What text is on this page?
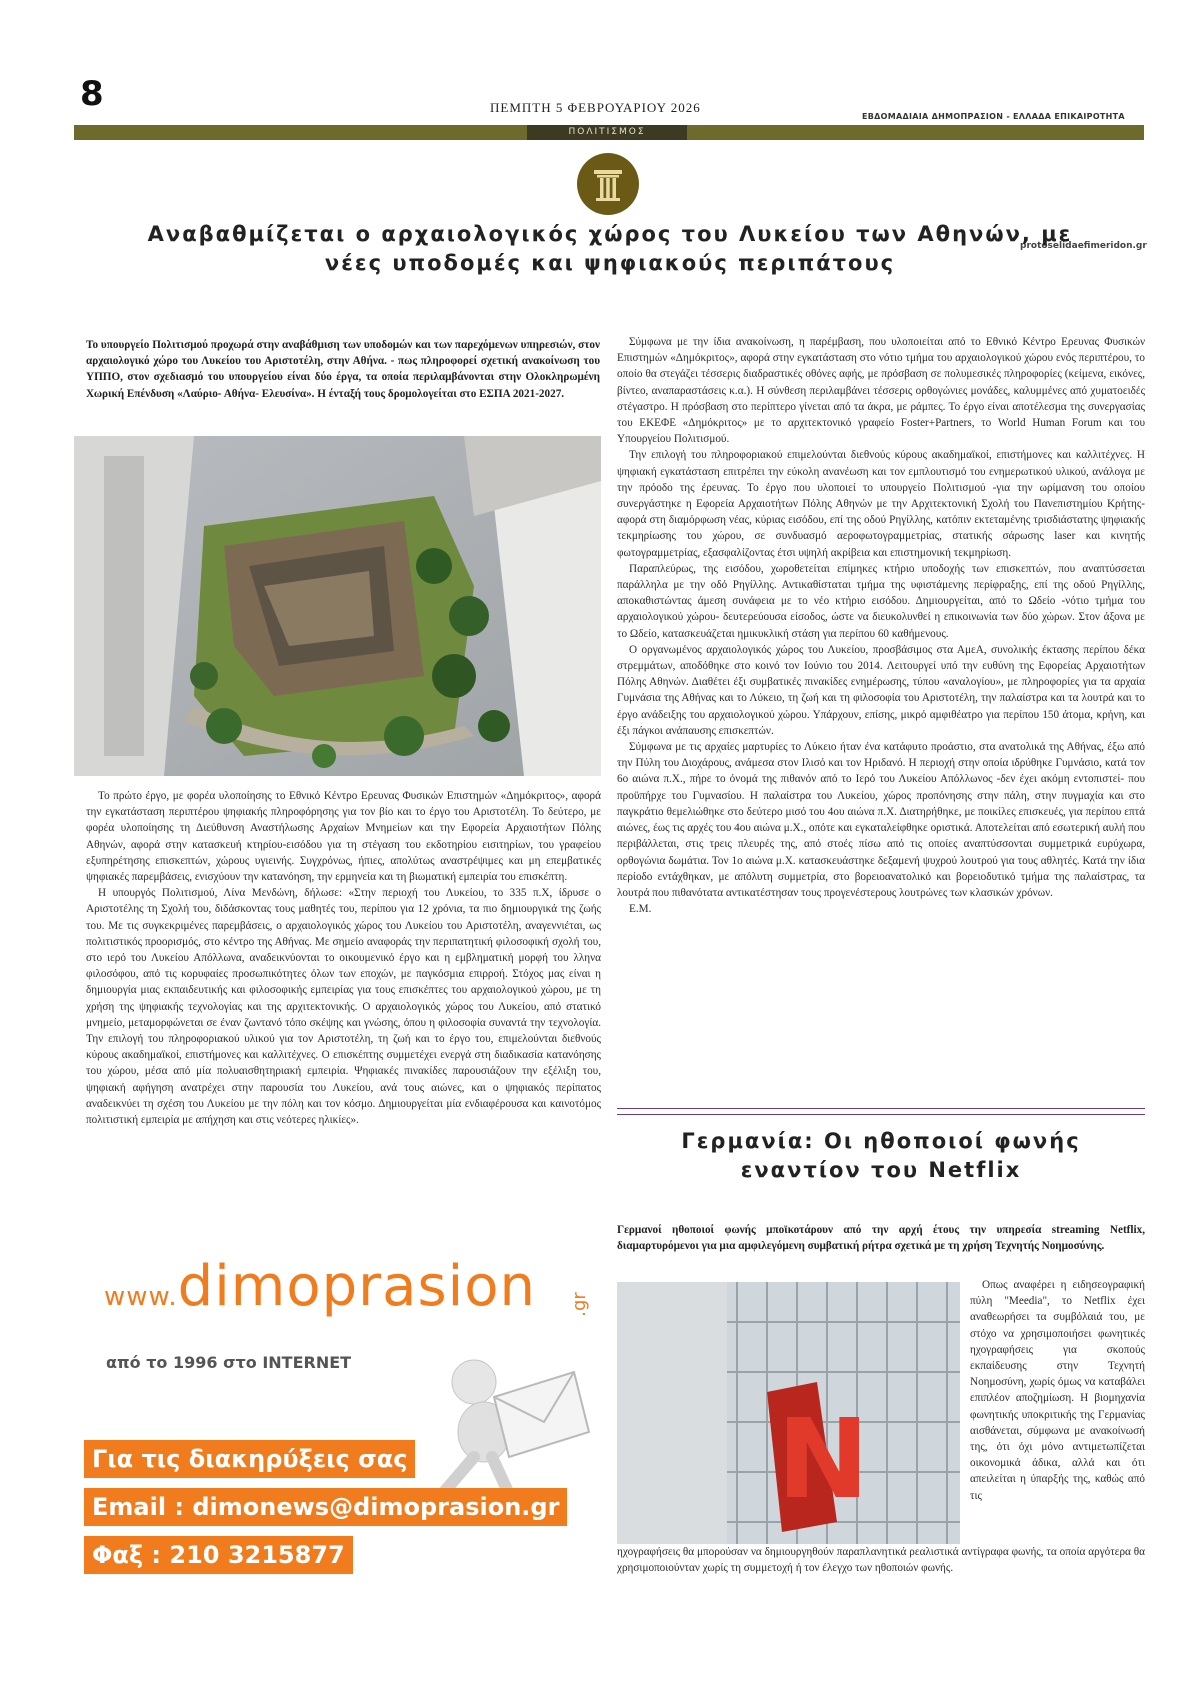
8	ΠΕΜΠΤΗ 5 ΦΕΒΡΟΥΑΡΙΟΥ 2026
ΕΒΔΟΜΑΔΙΑΙΑ ΔΗΜΟΠΡΑΣΙΟΝ - ΕΛΛΑΔΑ ΕΠΙΚΑΙΡΟΤΗΤΑ
ΠΟΛΙΤΙΣΜΟΣ
protoselidaefimeridon.gr
Αναβαθμίζεται ο αρχαιολογικός χώρος του Λυκείου των Αθηνών, με νέες υποδομές και ψηφιακούς περιπάτους
Το υπουργείο Πολιτισμού προχωρά στην αναβάθμιση των υποδομών και των παρεχόμενων υπηρεσιών, στον αρχαιολογικό χώρο του Λυκείου του Αριστοτέλη, στην Αθήνα. - πως πληροφορεί σχετική ανακοίνωση του ΥΠΠΟ, στον σχεδιασμό του υπουργείου είναι δύο έργα, τα οποία περιλαμβάνονται στην Ολοκληρωμένη Χωρική Επένδυση «Λαύριο- Αθήνα- Ελευσίνα». Η ένταξή τους δρομολογείται στο ΕΣΠΑ 2021-2027.

Το πρώτο έργο, με φορέα υλοποίησης το Εθνικό Κέντρο Ερευνας Φυσικών Επιστημών «Δημόκριτος», αφορά την εγκατάσταση περιπτέρου ψηφιακής πληροφόρησης για τον βίο και το έργο του Αριστοτέλη. Το δεύτερο, με φορέα υλοποίησης τη Διεύθυνση Αναστήλωσης Αρχαίων Μνημείων και την Εφορεία Αρχαιοτήτων Πόλης Αθηνών, αφορά στην κατασκευή κτηρίου-εισόδου για τη στέγαση του εκδοτηρίου εισιτηρίων, του γραφείου εξυπηρέτησης επισκεπτών, χώρους υγιεινής. Συγχρόνως, ήπιες, απολύτως αναστρέψιμες και μη επεμβατικές ψηφιακές παρεμβάσεις, ενισχύουν την κατανόηση, την ερμηνεία και τη βιωματική εμπειρία του επισκέπτη.

Η υπουργός Πολιτισμού, Λίνα Μενδώνη, δήλωσε: «Στην περιοχή του Λυκείου, το 335 π.Χ, ίδρυσε ο Αριστοτέλης τη Σχολή του, διδάσκοντας τους μαθητές του, περίπου για 12 χρόνια, τα πιο δημιουργικά της ζωής του. Με τις συγκεκριμένες παρεμβάσεις, ο αρχαιολογικός χώρος του Λυκείου του Αριστοτέλη, αναγεννιέται, ως πολιτιστικός προορισμός, στο κέντρο της Αθήνας. Με σημείο αναφοράς την περιπατητική φιλοσοφική σχολή του, στο ιερό του Λυκείου Απόλλωνα, αναδεικνύονται το οικουμενικό έργο και η εμβληματική μορφή του λληνα φιλοσόφου, από τις κορυφαίες προσωπικότητες όλων των εποχών, με παγκόσμια επιρροή. Στόχος μας είναι η δημιουργία μιας εκπαιδευτικής και φιλοσοφικής εμπειρίας για τους επισκέπτες του αρχαιολογικού χώρου, με τη χρήση της ψηφιακής τεχνολογίας και της αρχιτεκτονικής. Ο αρχαιολογικός χώρος του Λυκείου, από στατικό μνημείο, μεταμορφώνεται σε έναν ζωντανό τόπο σκέψης και γνώσης, όπου η φιλοσοφία συναντά την τεχνολογία. Την επιλογή του πληροφοριακού υλικού για τον Αριστοτέλη, τη ζωή και το έργο του, επιμελούνται διεθνούς κύρους ακαδημαϊκοί, επιστήμονες και καλλιτέχνες. Ο επισκέπτης συμμετέχει ενεργά στη διαδικασία κατανόησης του χώρου, μέσα από μία πολυαισθητηριακή εμπειρία. Ψηφιακές πινακίδες παρουσιάζουν την εξέλιξη του, ψηφιακή αφήγηση ανατρέχει στην παρουσία του Λυκείου, ανά τους αιώνες, και ο ψηφιακός περίπατος αναδεικνύει τη σχέση του Λυκείου με την πόλη και τον κόσμο. Δημιουργείται μία ενδιαφέρουσα και καινοτόμος πολιτιστική εμπειρία με απήχηση και στις νεότερες ηλικίες».

Σύμφωνα με την ίδια ανακοίνωση, η παρέμβαση, που υλοποιείται από το Εθνικό Κέντρο Ερευνας Φυσικών Επιστημών «Δημόκριτος», αφορά στην εγκατάσταση στο νότιο τμήμα του αρχαιολογικού χώρου ενός περιπτέρου, το οποίο θα στεγάζει τέσσερις διαδραστικές οθόνες αφής, με πρόσβαση σε πολυμεσικές πληροφορίες (κείμενα, εικόνες, βίντεο, αναπαραστάσεις κ.α.). Η σύνθεση περιλαμβάνει τέσσερις ορθογώνιες μονάδες, καλυμμένες από χυματοειδές στέγαστρο. Η πρόσβαση στο περίπτερο γίνεται από τα άκρα, με ράμπες. Το έργο είναι αποτέλεσμα της συνεργασίας του ΕΚΕΦΕ «Δημόκριτος» με το αρχιτεκτονικό γραφείο Foster+Partners, το World Human Forum και του Υπουργείου Πολιτισμού.

Την επιλογή του πληροφοριακού επιμελούνται διεθνούς κύρους ακαδημαϊκοί, επιστήμονες και καλλιτέχνες. Η ψηφιακή εγκατάσταση επιτρέπει την εύκολη ανανέωση και τον εμπλουτισμό του ενημερωτικού υλικού, ανάλογα με την πρόοδο της έρευνας. Το έργο που υλοποιεί το υπουργείο Πολιτισμού -για την ωρίμανση του οποίου συνεργάστηκε η Εφορεία Αρχαιοτήτων Πόλης Αθηνών με την Αρχιτεκτονική Σχολή του Πανεπιστημίου Κρήτης- αφορά στη διαμόρφωση νέας, κύριας εισόδου, επί της οδού Ρηγίλλης, κατόπιν εκτεταμένης τρισδιάστατης ψηφιακής τεκμηρίωσης του χώρου, σε συνδυασμό αεροφωτογραμμετρίας, στατικής σάρωσης laser και κινητής φωτογραμμετρίας, εξασφαλίζοντας έτσι υψηλή ακρίβεια και επιστημονική τεκμηρίωση.

Παραπλεύρως, της εισόδου, χωροθετείται επίμηκες κτήριο υποδοχής των επισκεπτών, που αναπτύσσεται παράλληλα με την οδό Ρηγίλλης. Αντικαθίσταται τμήμα της υφιστάμενης περίφραξης, επί της οδού Ρηγίλλης, αποκαθιστώντας άμεση συνάφεια με το νέο κτήριο εισόδου. Δημιουργείται, από το Ωδείο -νότιο τμήμα του αρχαιολογικού χώρου- δευτερεύουσα είσοδος, ώστε να διευκολυνθεί η επικοινωνία των δύο χώρων. Στον άξονα με το Ωδείο, κατασκευάζεται ημικυκλική στάση για περίπου 60 καθήμενους.

Ο οργανωμένος αρχαιολογικός χώρος του Λυκείου, προσβάσιμος στα ΑμεΑ, συνολικής έκτασης περίπου δέκα στρεμμάτων, αποδόθηκε στο κοινό τον Ιούνιο του 2014. Λειτουργεί υπό την ευθύνη της Εφορείας Αρχαιοτήτων Πόλης Αθηνών. Διαθέτει έξι συμβατικές πινακίδες ενημέρωσης, τύπου «αναλογίου», με πληροφορίες για τα αρχαία Γυμνάσια της Αθήνας και το Λύκειο, τη ζωή και τη φιλοσοφία του Αριστοτέλη, την παλαίστρα και τα λουτρά και το έργο ανάδειξης του αρχαιολογικού χώρου. Υπάρχουν, επίσης, μικρό αμφιθέατρο για περίπου 150 άτομα, κρήνη, και έξι πάγκοι ανάπαυσης επισκεπτών.

Σύμφωνα με τις αρχαίες μαρτυρίες το Λύκειο ήταν ένα κατάφυτο προάστιο, στα ανατολικά της Αθήνας, έξω από την Πύλη του Διοχάρους, ανάμεσα στον Ιλισό και τον Ηριδανό. Η περιοχή στην οποία ιδρύθηκε Γυμνάσιο, κατά τον 6ο αιώνα π.Χ., πήρε το όνομά της πιθανόν από το Ιερό του Λυκείου Απόλλωνος -δεν έχει ακόμη εντοπιστεί- που προϋπήρχε του Γυμνασίου. Η παλαίστρα του Λυκείου, χώρος προπόνησης στην πάλη, στην πυγμαχία και στο παγκράτιο θεμελιώθηκε στο δεύτερο μισό του 4ου αιώνα π.Χ. Διατηρήθηκε, με ποικίλες επισκευές, για περίπου επτά αιώνες, έως τις αρχές του 4ου αιώνα μ.Χ., οπότε και εγκαταλείφθηκε οριστικά. Αποτελείται από εσωτερική αυλή που περιβάλλεται, στις τρεις πλευρές της, από στοές πίσω από τις οποίες αναπτύσσονται συμμετρικά ευρύχωρα, ορθογώνια δωμάτια. Τον 1ο αιώνα μ.Χ. κατασκευάστηκε δεξαμενή ψυχρού λουτρού για τους αθλητές. Κατά την ίδια περίοδο εντάχθηκαν, με απόλυτη συμμετρία, στο βορειοανατολικό και βορειοδυτικό τμήμα της παλαίστρας, τα λουτρά που πιθανότατα αντικατέστησαν τους προγενέστερους λουτρώνες των κλασικών χρόνων.

Ε.Μ.

Γερμανία: Οι ηθοποιοί φωνής εναντίον του Netflix
Γερμανοί ηθοποιοί φωνής μποϊκοτάρουν από την αρχή έτους την υπηρεσία streaming Netflix, διαμαρτυρόμενοι για μια αμφιλεγόμενη συμβατική ρήτρα σχετικά με τη χρήση Τεχνητής Νοημοσύνης.
N

Οπως αναφέρει η ειδησεογραφική πύλη "Meedia", το Netflix έχει αναθεωρήσει τα συμβόλαιά του, με στόχο να χρησιμοποιήσει φωνητικές ηχογραφήσεις για σκοπούς εκπαίδευσης στην Τεχνητή Νοημοσύνη, χωρίς όμως να καταβάλει επιπλέον αποζημίωση. Η βιομηχανία φωνητικής υποκριτικής της Γερμανίας αισθάνεται, σύμφωνα με ανακοίνωσή της, ότι όχι μόνο αντιμετωπίζεται οικονομικά άδικα, αλλά και ότι απειλείται η ύπαρξής της, καθώς από τις

ηχογραφήσεις θα μπορούσαν να δημιουργηθούν παραπλανητικά ρεαλιστικά αντίγραφα φωνής, τα οποία αργότερα θα χρησιμοποιούνταν χωρίς τη συμμετοχή ή τον έλεγχο των ηθοποιών φωνής.

www.dimoprasion .gr
από το 1996 στο INTERNET
Για τις διακηρύξεις σας
Email : dimonews@dimoprasion.gr
Φαξ : 210 3215877
